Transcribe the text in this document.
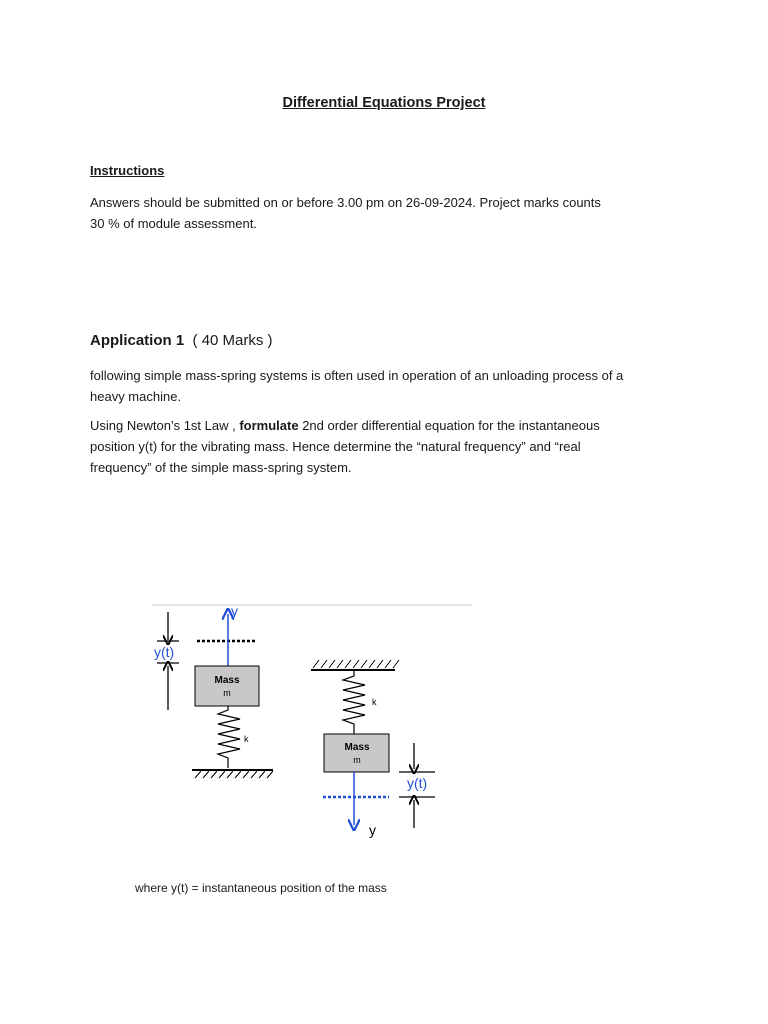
Differential Equations Project
Instructions
Answers should be submitted on or before 3.00 pm on 26-09-2024. Project marks counts
30 % of module assessment.
Application 1 ( 40 Marks )
following simple mass-spring systems is often used in operation of an unloading process of a
heavy machine.
Using Newton’s 1st Law , formulate 2nd order differential equation for the instantaneous
position y(t) for the vibrating mass. Hence determine the “natural frequency” and “real
frequency” of the simple mass-spring system.
y(t)
y
Mass
m
k
k
Mass
m
y
y(t)
where y(t) = instantaneous position of the mass
